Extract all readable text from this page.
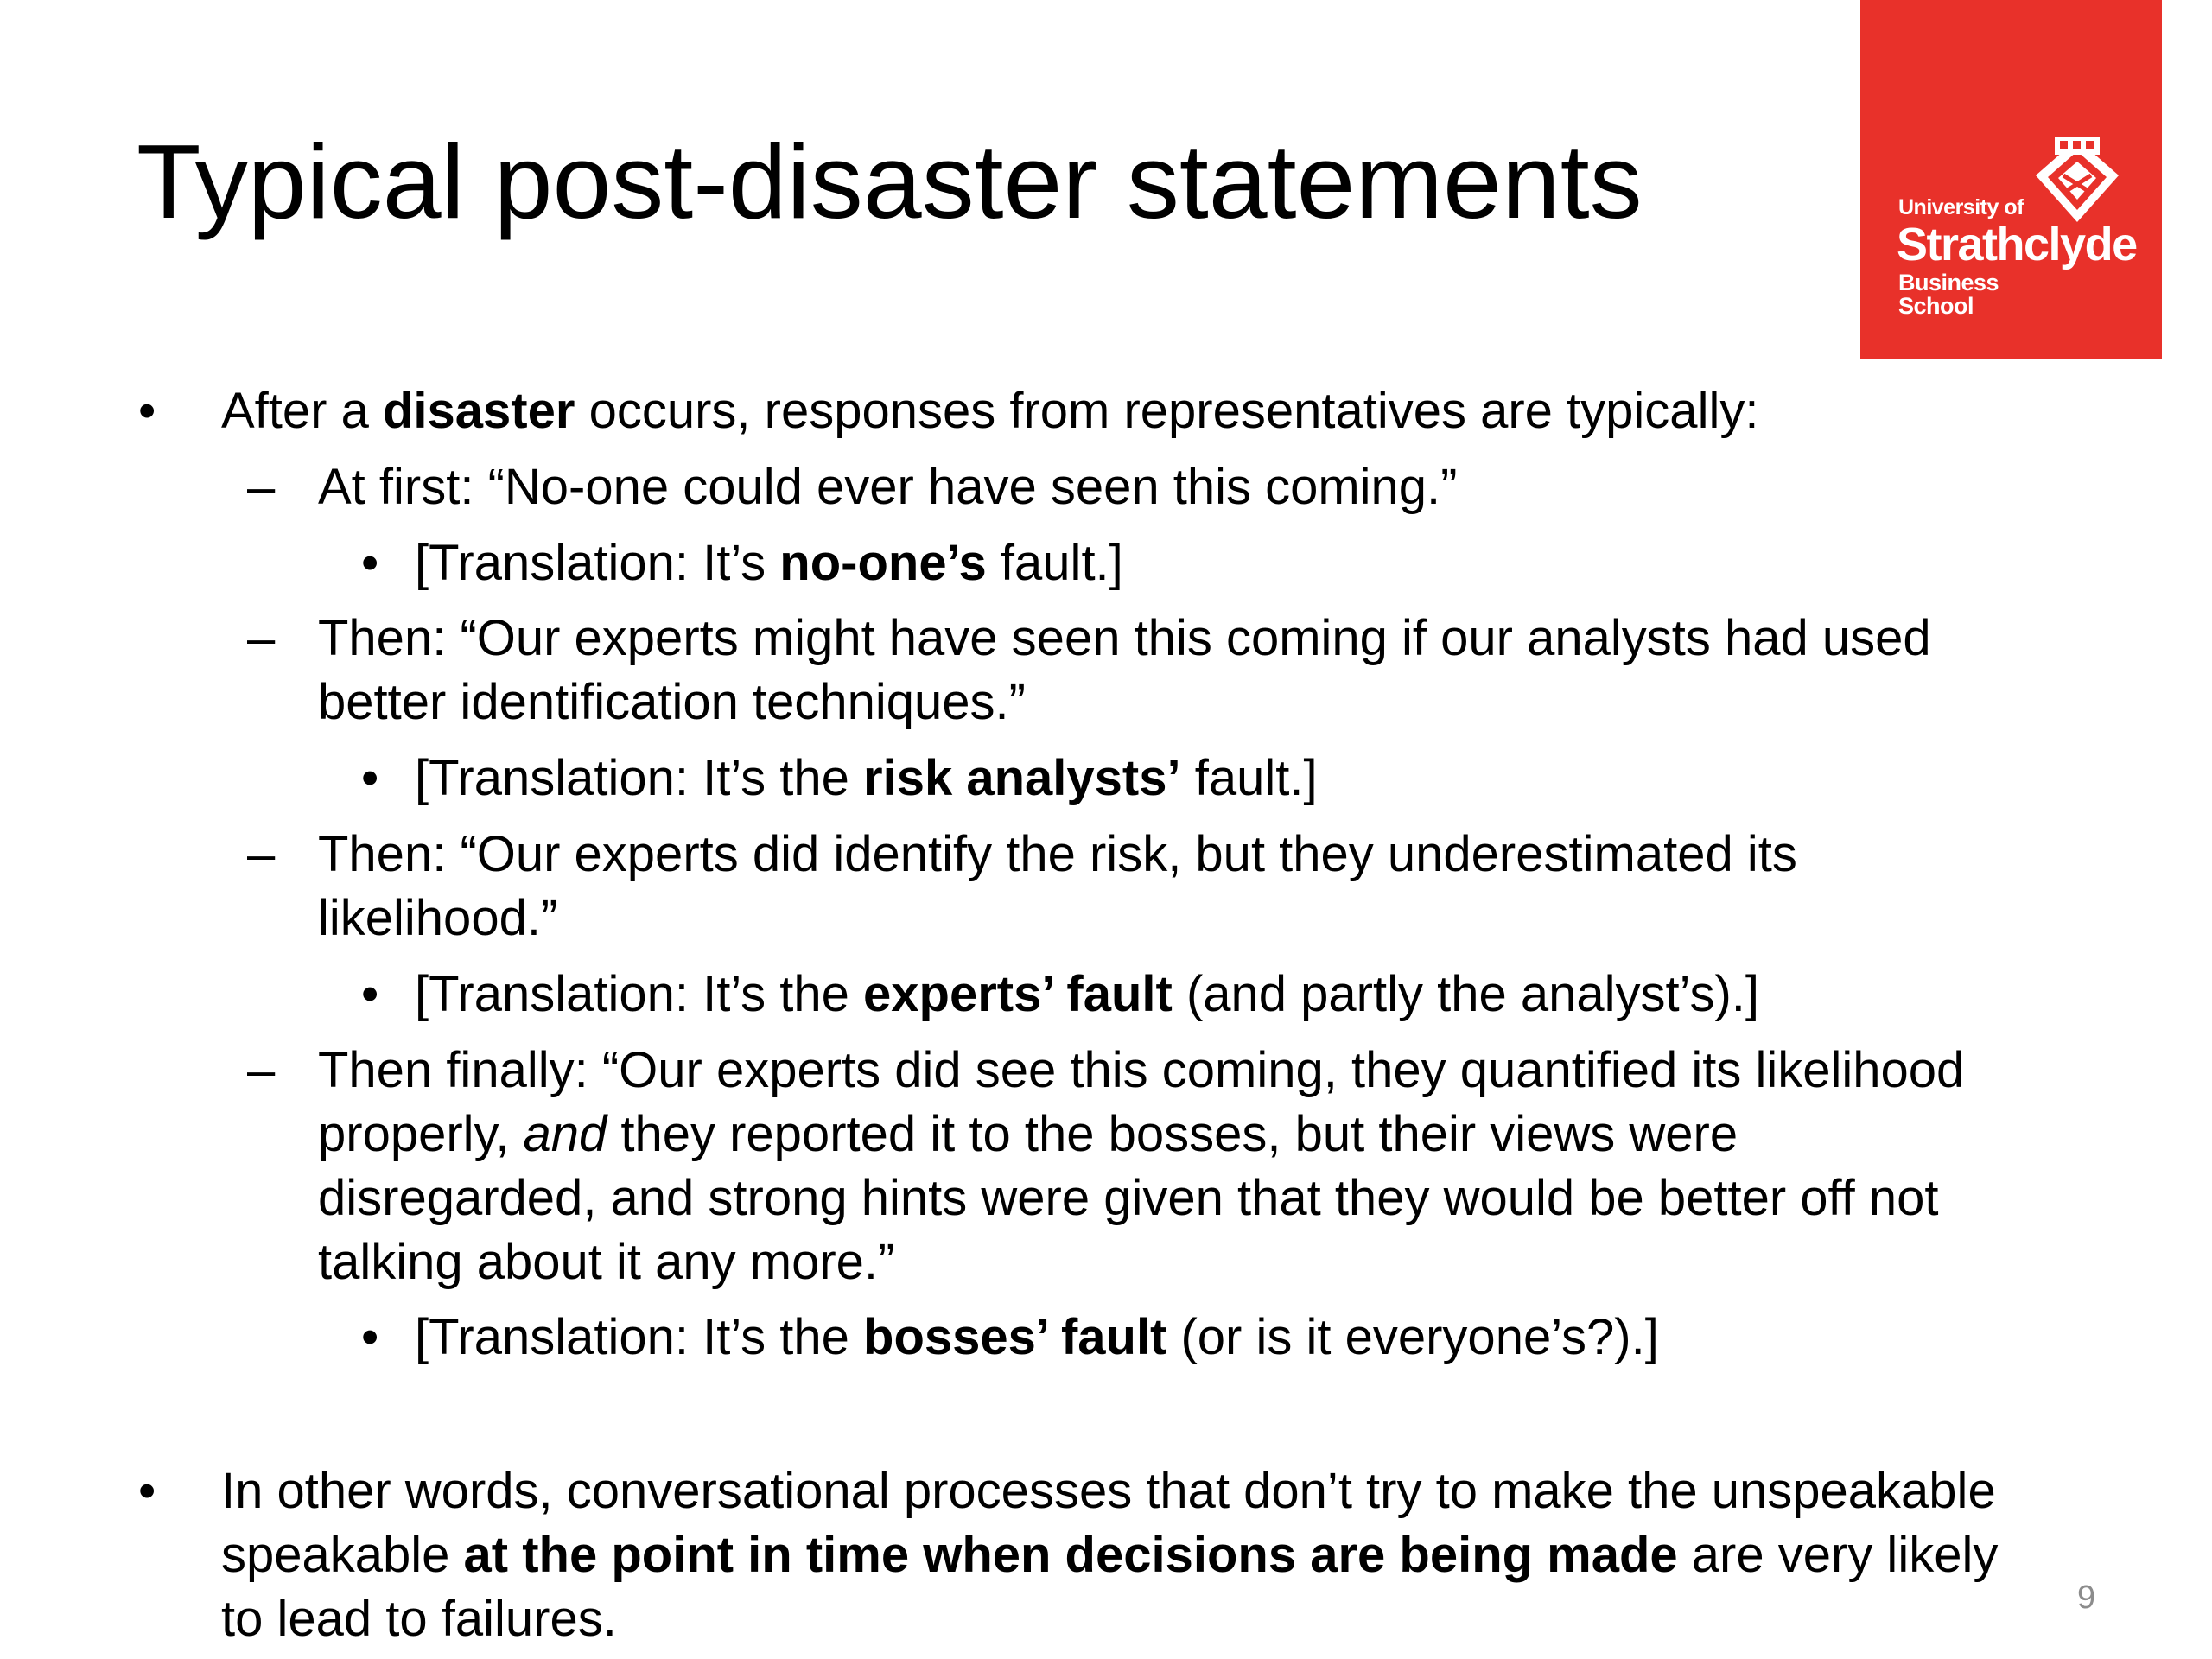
Typical post-disaster statements	University of
Strathclyde
Business
School
• After a disaster occurs, responses from representatives are typically:
– At first: “No-one could ever have seen this coming.”
• [Translation: It’s no-one’s fault.]
– Then: “Our experts might have seen this coming if our analysts had used
better identification techniques.”
• [Translation: It’s the risk analysts’ fault.]
– Then: “Our experts did identify the risk, but they underestimated its
likelihood.”
• [Translation: It’s the experts’ fault (and partly the analyst’s).]
– Then finally: “Our experts did see this coming, they quantified its likelihood
properly, and they reported it to the bosses, but their views were
disregarded, and strong hints were given that they would be better off not
talking about it any more.”
• [Translation: It’s the bosses’ fault (or is it everyone’s?).]
• In other words, conversational processes that don’t try to make the unspeakable
speakable at the point in time when decisions are being made are very likely
to lead to failures.	9
